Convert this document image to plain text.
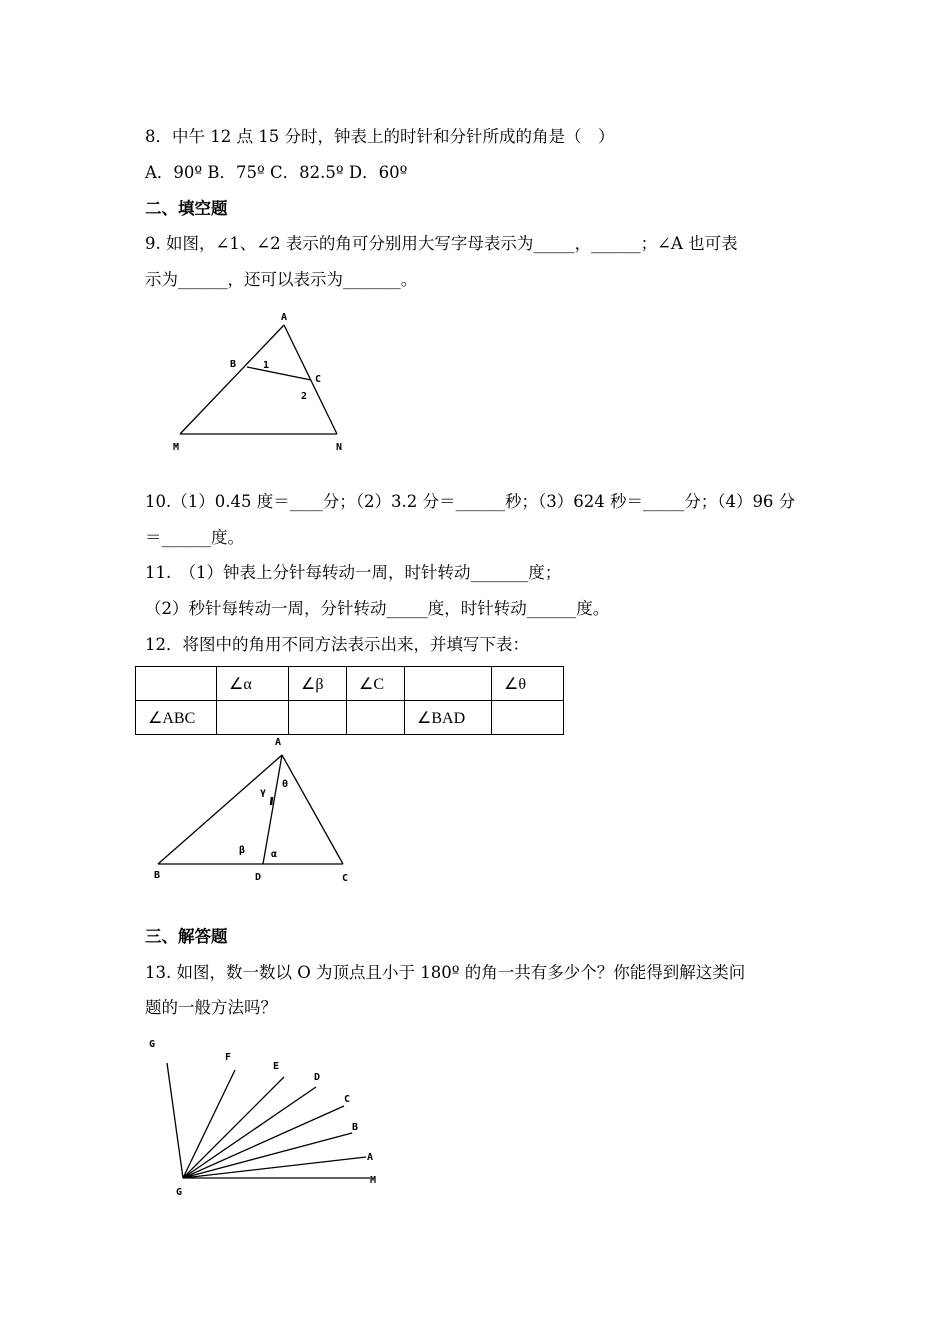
8．中午 12 点 15 分时，钟表上的时针和分针所成的角是（　）
A．90º B．75º C．82.5º D．60º
二、填空题
9. 如图，∠1、∠2 表示的角可分别用大写字母表示为_____，______；∠A 也可表
示为______，还可以表示为_______。
A
B
C
M	N
1
2
10.（1）0.45 度＝____分；（2）3.2 分＝______秒；（3）624 秒＝_____分；（4）96 分
＝______度。
11.　（1）钟表上分针每转动一周，时针转动_______度；
（2）秒针每转动一周，分针转动_____度，时针转动______度。
12．将图中的角用不同方法表示出来，并填写下表：
	∠α	∠β	∠C		∠θ
∠ABC				∠BAD	
A
B	C
D
α
β
γ
θ
三、解答题
13. 如图，数一数以 O 为顶点且小于 180º 的角一共有多少个？你能得到解这类问
题的一般方法吗？
G
F
E
D
C
B
A
M
G
